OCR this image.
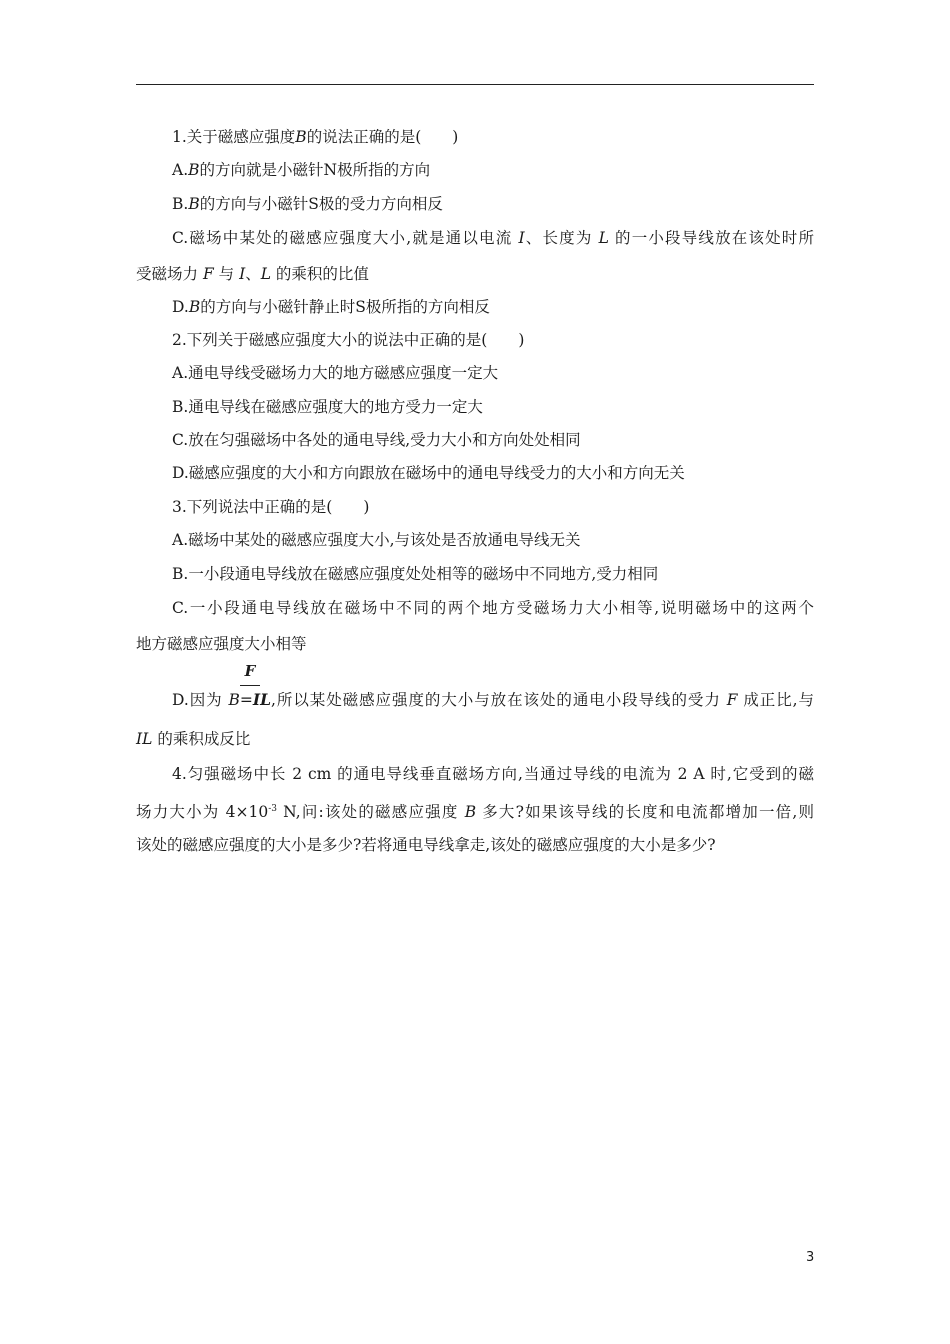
1.关于磁感应强度B的说法正确的是(　　)
A.B的方向就是小磁针N极所指的方向
B.B的方向与小磁针S极的受力方向相反
C.磁场中某处的磁感应强度大小,就是通以电流 I、长度为 L 的一小段导线放在该处时所
受磁场力 F 与 I、L 的乘积的比值
D.B的方向与小磁针静止时S极所指的方向相反
2.下列关于磁感应强度大小的说法中正确的是(　　)
A.通电导线受磁场力大的地方磁感应强度一定大
B.通电导线在磁感应强度大的地方受力一定大
C.放在匀强磁场中各处的通电导线,受力大小和方向处处相同
D.磁感应强度的大小和方向跟放在磁场中的通电导线受力的大小和方向无关
3.下列说法中正确的是(　　)
A.磁场中某处的磁感应强度大小,与该处是否放通电导线无关
B.一小段通电导线放在磁感应强度处处相等的磁场中不同地方,受力相同
C.一小段通电导线放在磁场中不同的两个地方受磁场力大小相等,说明磁场中的这两个
地方磁感应强度大小相等
F
D.因为 B=IL,所以某处磁感应强度的大小与放在该处的通电小段导线的受力 F 成正比,与
IL 的乘积成反比
4.匀强磁场中长 2 cm 的通电导线垂直磁场方向,当通过导线的电流为 2 A 时,它受到的磁
场力大小为 $4\times 10^{-3}$ N,问:该处的磁感应强度 B 多大?如果该导线的长度和电流都增加一倍,则
该处的磁感应强度的大小是多少?若将通电导线拿走,该处的磁感应强度的大小是多少?
3
